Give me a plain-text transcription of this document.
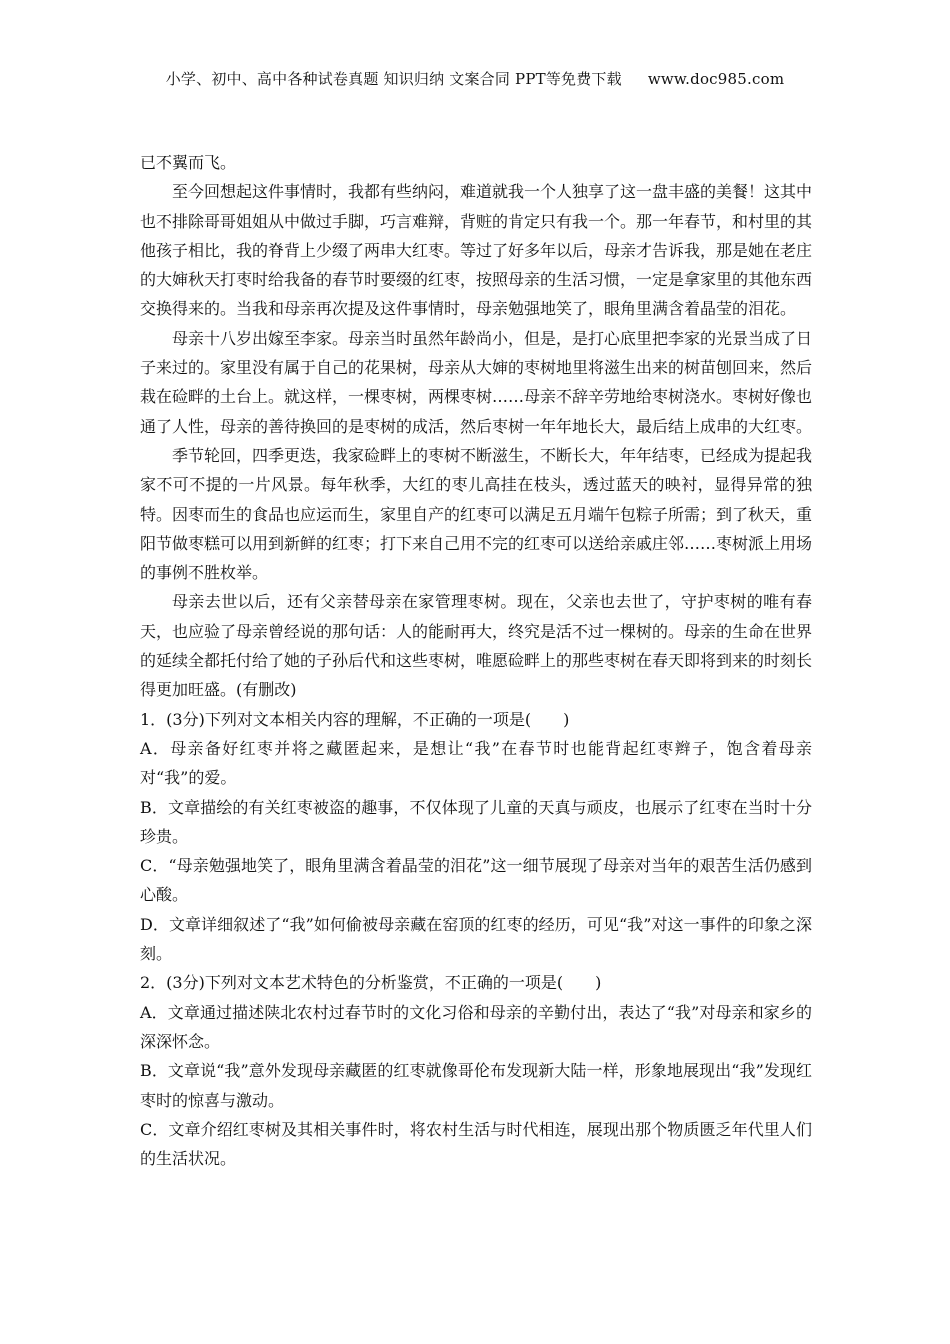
小学、初中、高中各种试卷真题 知识归纳 文案合同 PPT等免费下载 www.doc985.com

已不翼而飞。

至今回想起这件事情时，我都有些纳闷，难道就我一个人独享了这一盘丰盛的美餐！这其中也不排除哥哥姐姐从中做过手脚，巧言难辩，背赃的肯定只有我一个。那一年春节，和村里的其他孩子相比，我的脊背上少缀了两串大红枣。等过了好多年以后，母亲才告诉我，那是她在老庄的大婶秋天打枣时给我备的春节时要缀的红枣，按照母亲的生活习惯，一定是拿家里的其他东西交换得来的。当我和母亲再次提及这件事情时，母亲勉强地笑了，眼角里满含着晶莹的泪花。

母亲十八岁出嫁至李家。母亲当时虽然年龄尚小，但是，是打心底里把李家的光景当成了日子来过的。家里没有属于自己的花果树，母亲从大婶的枣树地里将滋生出来的树苗刨回来，然后栽在硷畔的土台上。就这样，一棵枣树，两棵枣树……母亲不辞辛劳地给枣树浇水。枣树好像也通了人性，母亲的善待换回的是枣树的成活，然后枣树一年年地长大，最后结上成串的大红枣。

季节轮回，四季更迭，我家硷畔上的枣树不断滋生，不断长大，年年结枣，已经成为提起我家不可不提的一片风景。每年秋季，大红的枣儿高挂在枝头，透过蓝天的映衬，显得异常的独特。因枣而生的食品也应运而生，家里自产的红枣可以满足五月端午包粽子所需；到了秋天，重阳节做枣糕可以用到新鲜的红枣；打下来自己用不完的红枣可以送给亲戚庄邻……枣树派上用场的事例不胜枚举。

母亲去世以后，还有父亲替母亲在家管理枣树。现在，父亲也去世了，守护枣树的唯有春天，也应验了母亲曾经说的那句话：人的能耐再大，终究是活不过一棵树的。母亲的生命在世界的延续全都托付给了她的子孙后代和这些枣树，唯愿硷畔上的那些枣树在春天即将到来的时刻长得更加旺盛。(有删改)

1．(3分)下列对文本相关内容的理解，不正确的一项是(　　)

A．母亲备好红枣并将之藏匿起来，是想让“我”在春节时也能背起红枣辫子，饱含着母亲对“我”的爱。

B．文章描绘的有关红枣被盗的趣事，不仅体现了儿童的天真与顽皮，也展示了红枣在当时十分珍贵。

C．“母亲勉强地笑了，眼角里满含着晶莹的泪花”这一细节展现了母亲对当年的艰苦生活仍感到心酸。

D．文章详细叙述了“我”如何偷被母亲藏在窑顶的红枣的经历，可见“我”对这一事件的印象之深刻。

2．(3分)下列对文本艺术特色的分析鉴赏，不正确的一项是(　　)

A．文章通过描述陕北农村过春节时的文化习俗和母亲的辛勤付出，表达了“我”对母亲和家乡的深深怀念。

B．文章说“我”意外发现母亲藏匿的红枣就像哥伦布发现新大陆一样，形象地展现出“我”发现红枣时的惊喜与激动。

C．文章介绍红枣树及其相关事件时，将农村生活与时代相连，展现出那个物质匮乏年代里人们的生活状况。
